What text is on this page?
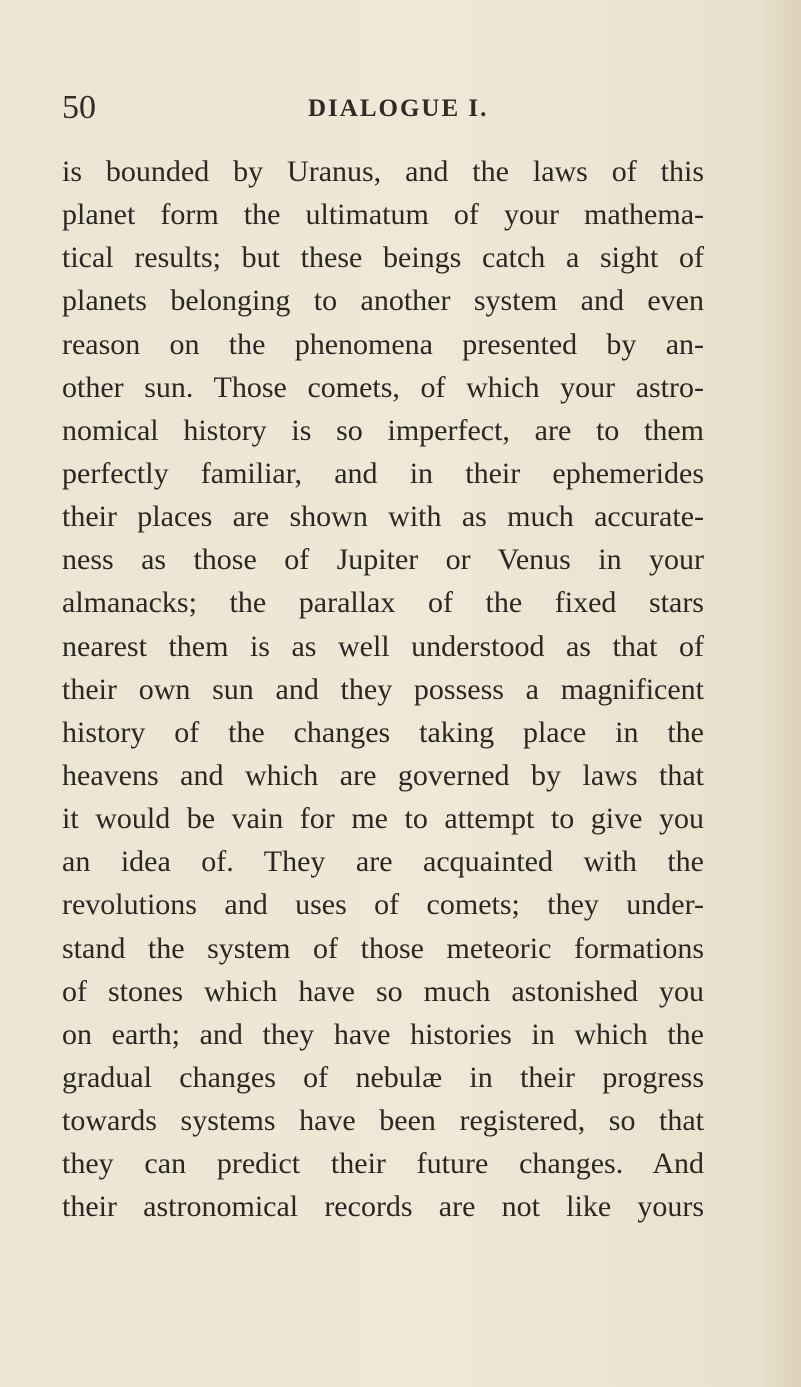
50	DIALOGUE I.
is bounded by Uranus, and the laws of this
planet form the ultimatum of your mathema-
tical results; but these beings catch a sight of
planets belonging to another system and even
reason on the phenomena presented by an-
other sun. Those comets, of which your astro-
nomical history is so imperfect, are to them
perfectly familiar, and in their ephemerides
their places are shown with as much accurate-
ness as those of Jupiter or Venus in your
almanacks; the parallax of the fixed stars
nearest them is as well understood as that of
their own sun and they possess a magnificent
history of the changes taking place in the
heavens and which are governed by laws that
it would be vain for me to attempt to give you
an idea of. They are acquainted with the
revolutions and uses of comets; they under-
stand the system of those meteoric formations
of stones which have so much astonished you
on earth; and they have histories in which the
gradual changes of nebulæ in their progress
towards systems have been registered, so that
they can predict their future changes. And
their astronomical records are not like yours
